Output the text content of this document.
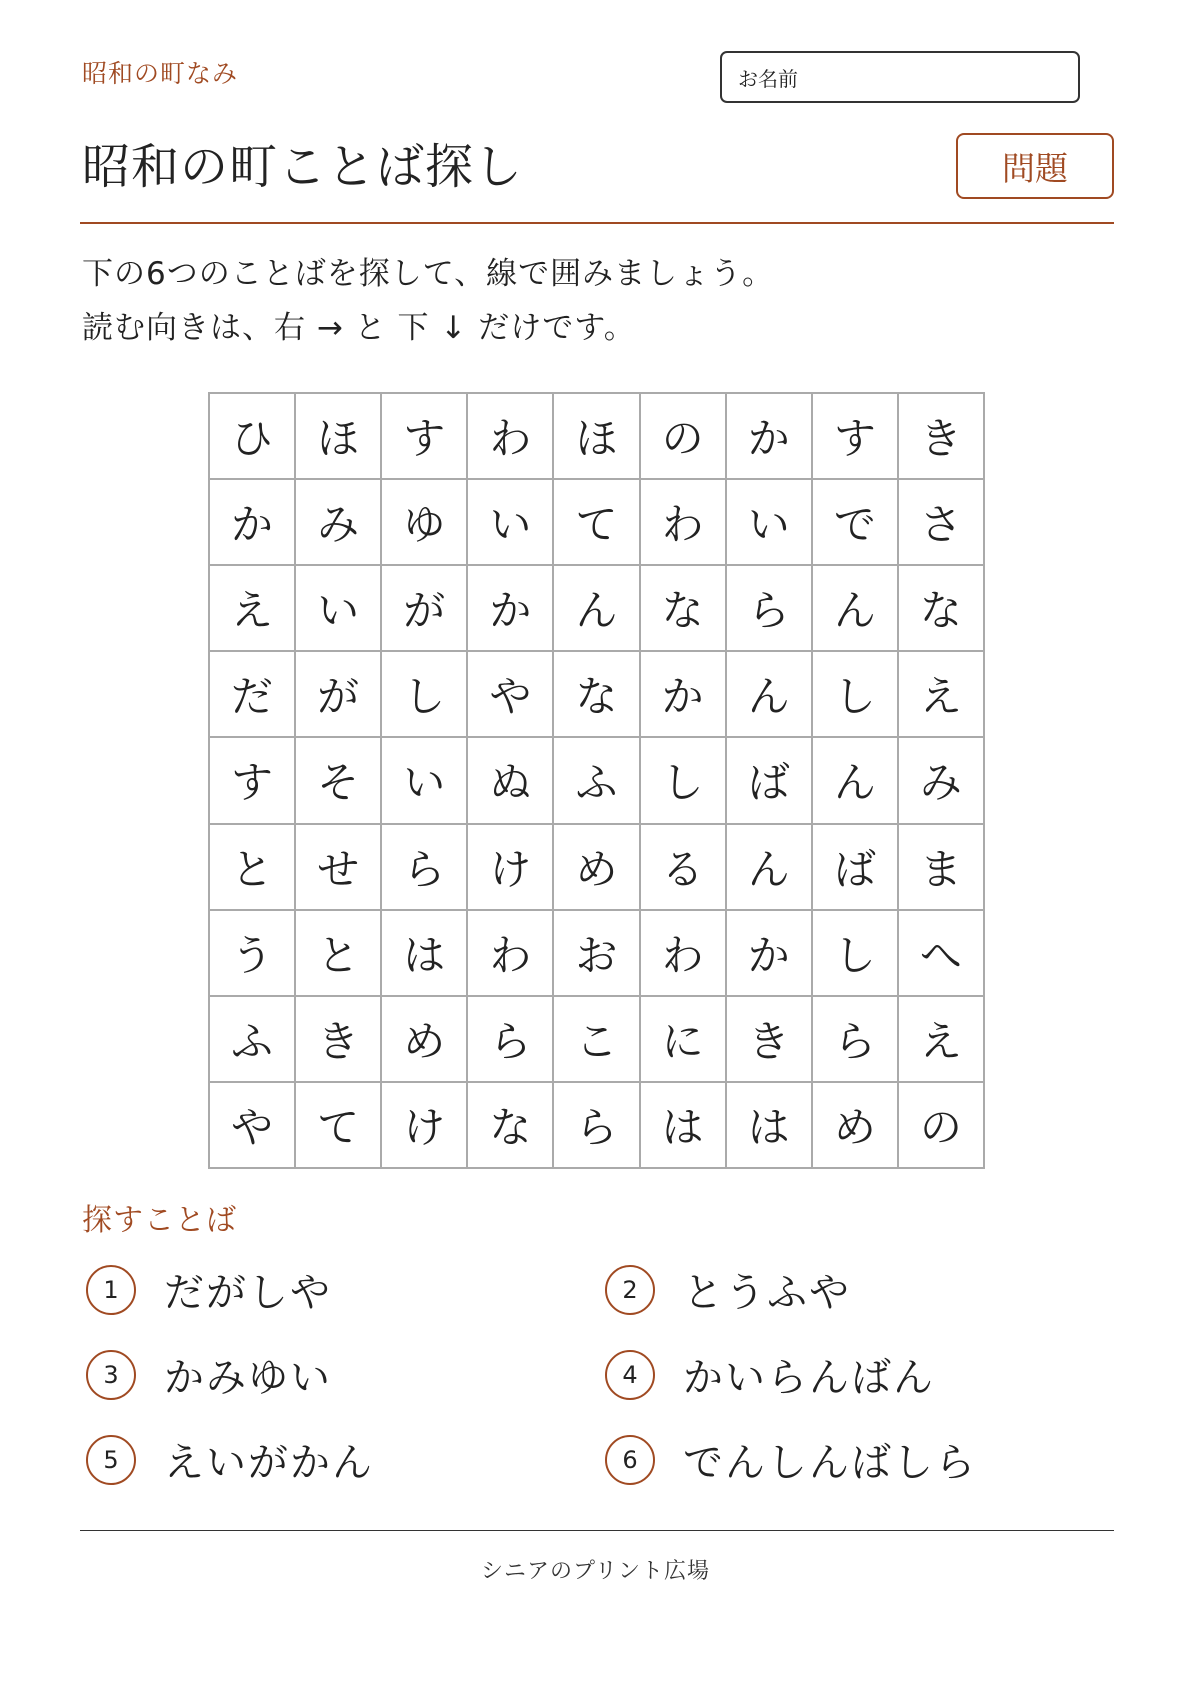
昭和の町なみ	お名前
昭和の町ことば探し	問題
下の6つのことばを探して、線で囲みましょう。
読む向きは、右 → と 下 ↓ だけです。
ひ	ほ	す	わ	ほ	の	か	す	き
か	み	ゆ	い	て	わ	い	で	さ
え	い	が	か	ん	な	ら	ん	な
だ	が	し	や	な	か	ん	し	え
す	そ	い	ぬ	ふ	し	ば	ん	み
と	せ	ら	け	め	る	ん	ば	ま
う	と	は	わ	お	わ	か	し	へ
ふ	き	め	ら	こ	に	き	ら	え
や	て	け	な	ら	は	は	め	の
探すことば
1	だがしや	2	とうふや
3	かみゆい	4	かいらんばん
5	えいがかん	6	でんしんばしら
シニアのプリント広場
